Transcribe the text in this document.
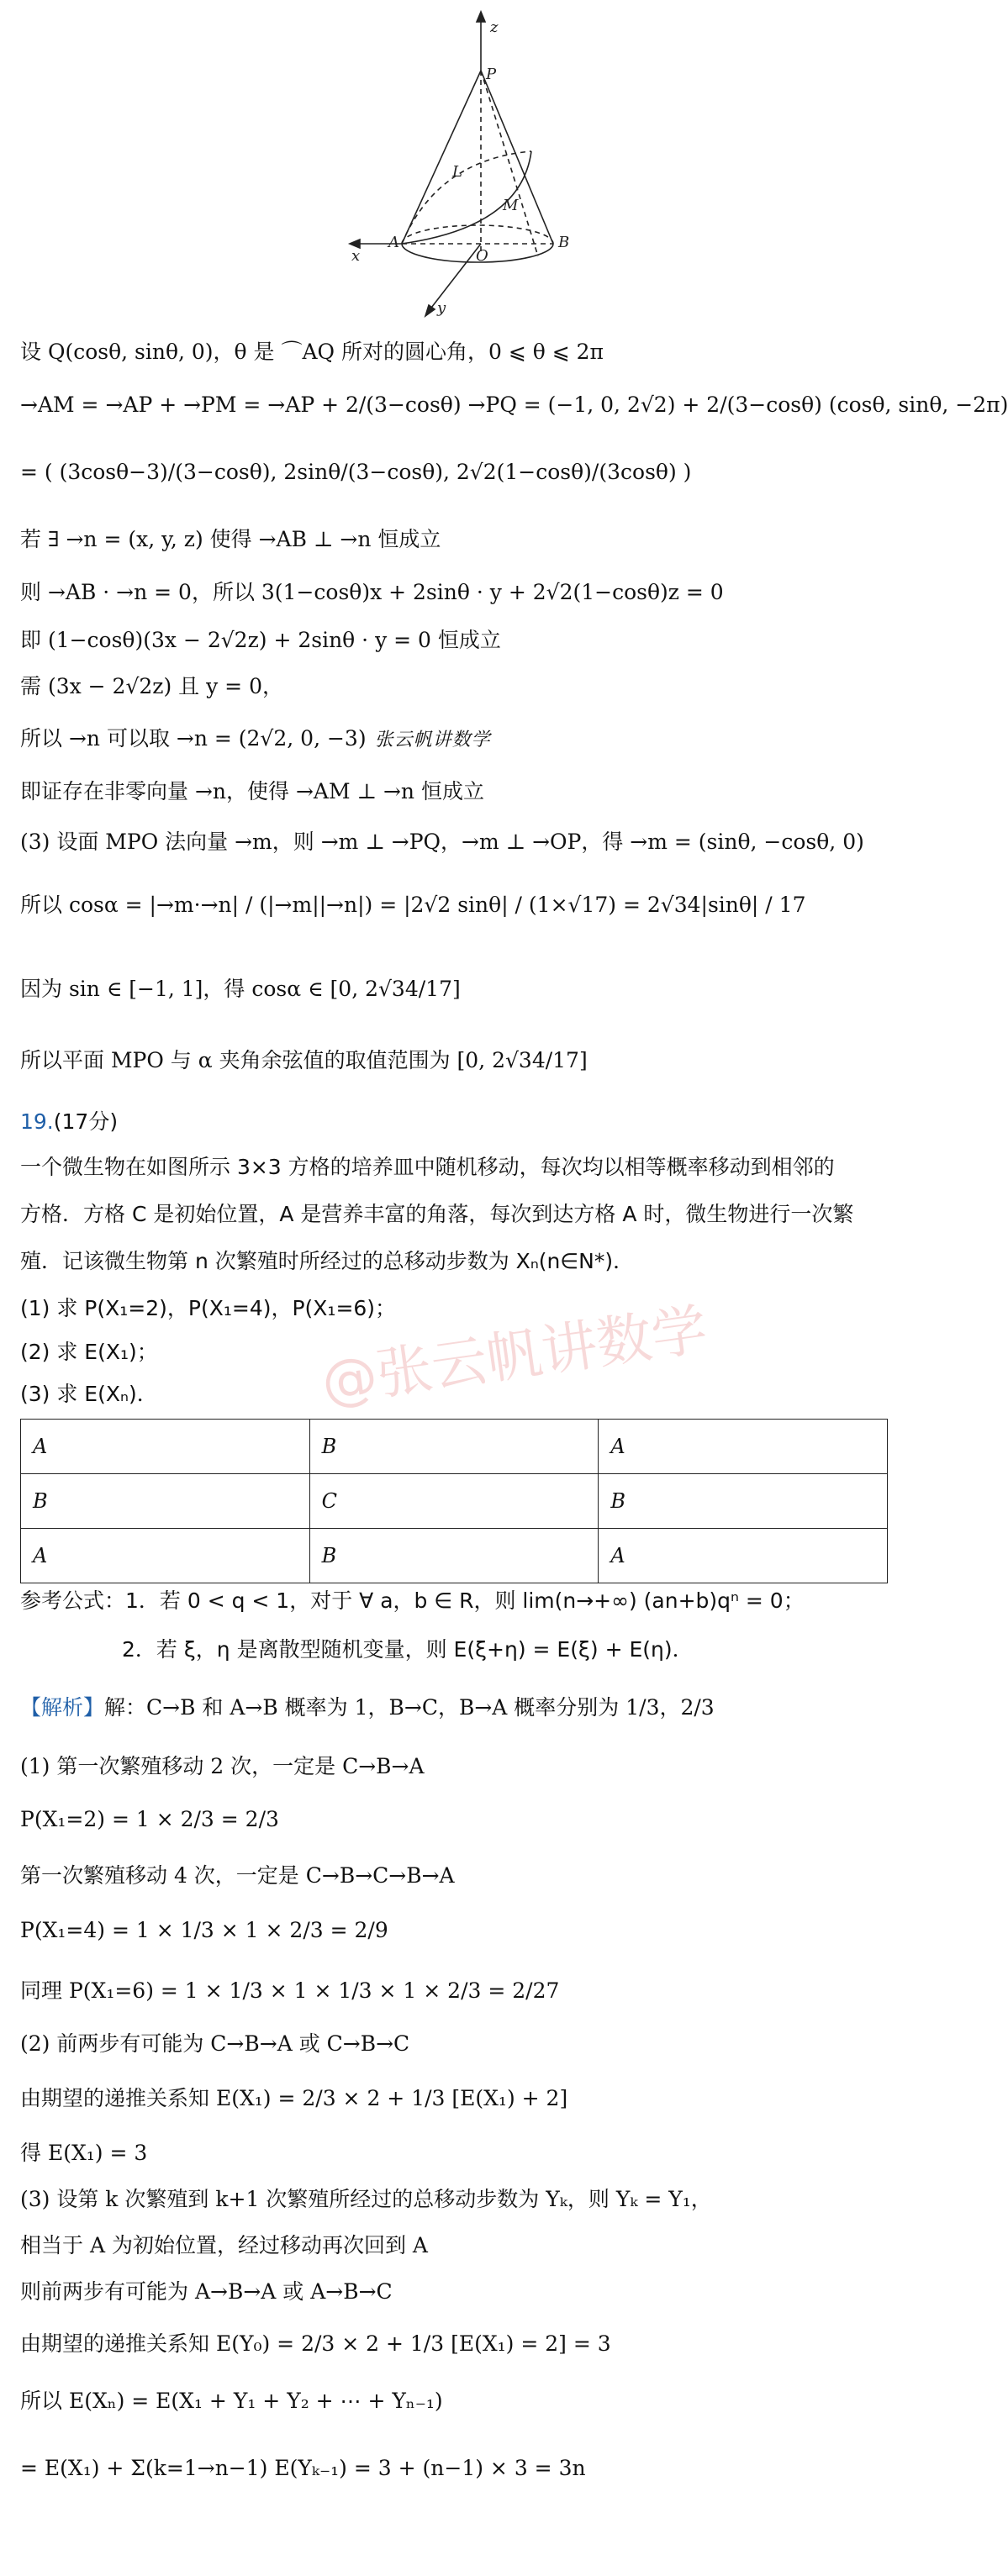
z
P
L
M
A
O
B
x
y
设 Q(cosθ, sinθ, 0)，θ 是 ⌒AQ 所对的圆心角，0 ⩽ θ ⩽ 2π
→AM = →AP + →PM = →AP + 2/(3−cosθ) →PQ = (−1, 0, 2√2) + 2/(3−cosθ) (cosθ, sinθ, −2π)
= ( (3cosθ−3)/(3−cosθ), 2sinθ/(3−cosθ), 2√2(1−cosθ)/(3cosθ) )
若 ∃ →n = (x, y, z) 使得 →AB ⊥ →n 恒成立
则 →AB · →n = 0，所以 3(1−cosθ)x + 2sinθ · y + 2√2(1−cosθ)z = 0
即 (1−cosθ)(3x − 2√2z) + 2sinθ · y = 0 恒成立
需 (3x − 2√2z) 且 y = 0，
所以 →n 可以取 →n = (2√2, 0, −3) 张云帆讲数学
即证存在非零向量 →n，使得 →AM ⊥ →n 恒成立
(3) 设面 MPO 法向量 →m，则 →m ⊥ →PQ，→m ⊥ →OP，得 →m = (sinθ, −cosθ, 0)
所以 cosα = |→m·→n| / (|→m||→n|) = |2√2 sinθ| / (1×√17) = 2√34|sinθ| / 17
因为 sin ∈ [−1, 1]，得 cosα ∈ [0, 2√34/17]
所以平面 MPO 与 α 夹角余弦值的取值范围为 [0, 2√34/17]
19.(17分)
一个微生物在如图所示 3×3 方格的培养皿中随机移动，每次均以相等概率移动到相邻的
方格．方格 C 是初始位置，A 是营养丰富的角落，每次到达方格 A 时，微生物进行一次繁
殖．记该微生物第 n 次繁殖时所经过的总移动步数为 Xₙ(n∈N*)．
(1) 求 P(X₁=2)，P(X₁=4)，P(X₁=6)；
(2) 求 E(X₁)；
(3) 求 E(Xₙ)．	@张云帆讲数学
A	B	A
B	C	B
A	B	A
参考公式：1．若 0 < q < 1，对于 ∀ a，b ∈ R，则 lim(n→+∞) (an+b)qⁿ = 0；
2．若 ξ，η 是离散型随机变量，则 E(ξ+η) = E(ξ) + E(η)．
【解析】解：C→B 和 A→B 概率为 1，B→C，B→A 概率分别为 1/3，2/3
(1) 第一次繁殖移动 2 次，一定是 C→B→A
P(X₁=2) = 1 × 2/3 = 2/3
第一次繁殖移动 4 次，一定是 C→B→C→B→A
P(X₁=4) = 1 × 1/3 × 1 × 2/3 = 2/9
同理 P(X₁=6) = 1 × 1/3 × 1 × 1/3 × 1 × 2/3 = 2/27
(2) 前两步有可能为 C→B→A 或 C→B→C
由期望的递推关系知 E(X₁) = 2/3 × 2 + 1/3 [E(X₁) + 2]
得 E(X₁) = 3
(3) 设第 k 次繁殖到 k+1 次繁殖所经过的总移动步数为 Yₖ，则 Yₖ = Y₁，
相当于 A 为初始位置，经过移动再次回到 A
则前两步有可能为 A→B→A 或 A→B→C
由期望的递推关系知 E(Y₀) = 2/3 × 2 + 1/3 [E(X₁) = 2] = 3
所以 E(Xₙ) = E(X₁ + Y₁ + Y₂ + ⋯ + Yₙ₋₁)
= E(X₁) + Σ(k=1→n−1) E(Yₖ₋₁) = 3 + (n−1) × 3 = 3n
